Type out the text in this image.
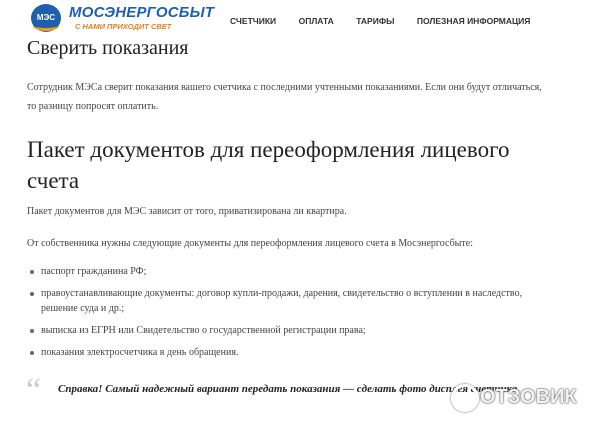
МЭС МОСЭНЕРГОСБЫТ
С НАМИ ПРИХОДИТ СВЕТ
СЧЕТЧИКИ	ОПЛАТА	ТАРИФЫ	ПОЛЕЗНАЯ ИНФОРМАЦИЯ
Сверить показания

Сотрудник МЭСа сверит показания вашего счетчика с последними учтенными показаниями. Если они будут отличаться, то разницу попросят оплатить.

Пакет документов для переоформления лицевого счета

Пакет документов для МЭС зависит от того, приватизирована ли квартира.

От собственника нужны следующие документы для переоформления лицевого счета в Мосэнергосбыте:

паспорт гражданина РФ;
правоустанавливающие документы: договор купли-продажи, дарения, свидетельство о вступлении в наследство, решение суда и др.;
выписка из ЕГРН или Свидетельство о государственной регистрации права;
показания электросчетчика в день обращения.
“ Справка! Самый надежный вариант передать показания — сделать фото дисплея счетчика.

ОТЗОВИК
